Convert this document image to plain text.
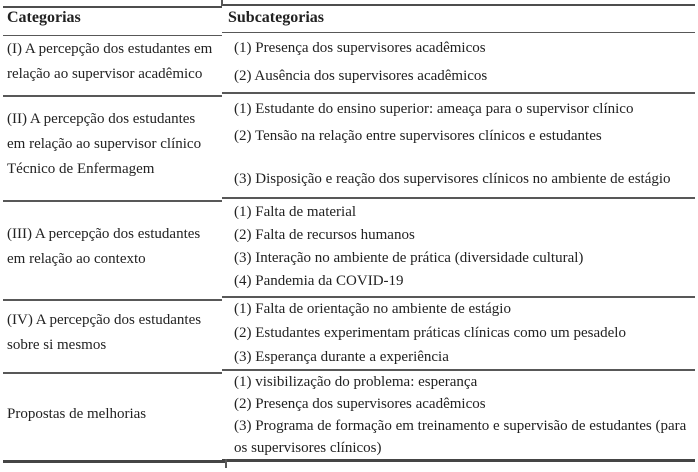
Categorias	Subcategorias
(I) A percepção dos estudantes em
relação ao supervisor acadêmico
(1) Presença dos supervisores acadêmicos
(2) Ausência dos supervisores acadêmicos
(II) A percepção dos estudantes
em relação ao supervisor clínico
Técnico de Enfermagem
(1) Estudante do ensino superior: ameaça para o supervisor clínico
(2) Tensão na relação entre supervisores clínicos e estudantes
(3) Disposição e reação dos supervisores clínicos no ambiente de estágio
(III) A percepção dos estudantes
em relação ao contexto
(1) Falta de material
(2) Falta de recursos humanos
(3) Interação no ambiente de prática (diversidade cultural)
(4) Pandemia da COVID-19
(IV) A percepção dos estudantes
sobre si mesmos
(1) Falta de orientação no ambiente de estágio
(2) Estudantes experimentam práticas clínicas como um pesadelo
(3) Esperança durante a experiência
Propostas de melhorias
(1) visibilização do problema: esperança
(2) Presença dos supervisores acadêmicos
(3) Programa de formação em treinamento e supervisão de estudantes (para os supervisores clínicos)
